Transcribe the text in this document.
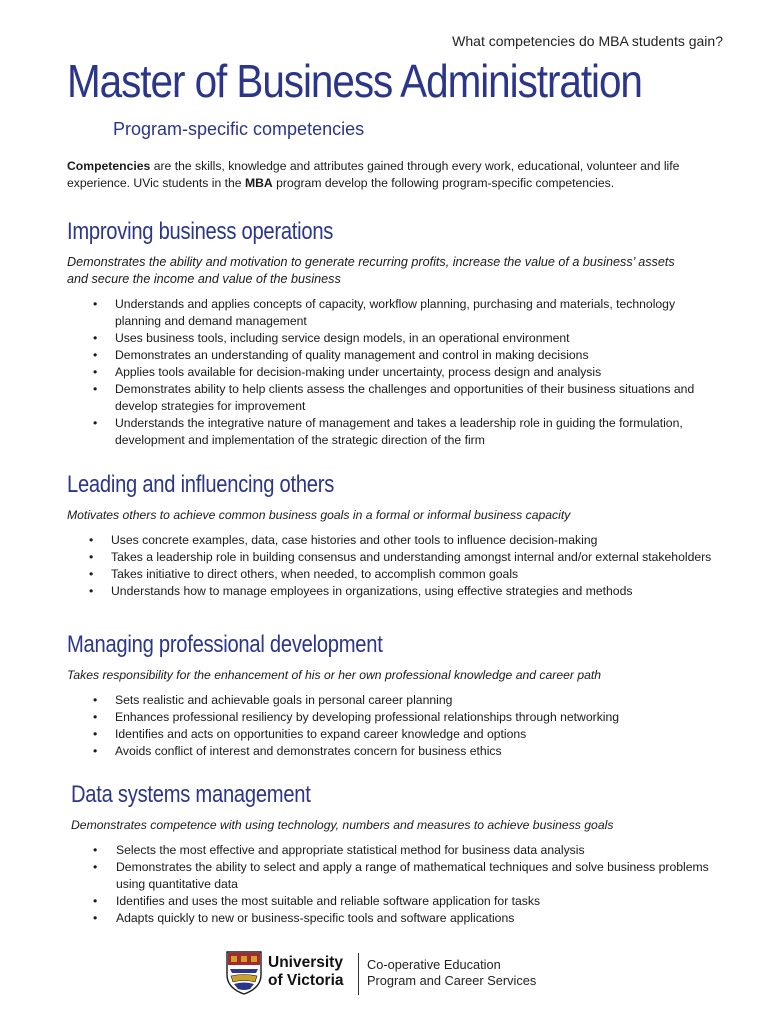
What competencies do MBA students gain?
Master of Business Administration
Program-specific competencies

Competencies are the skills, knowledge and attributes gained through every work, educational, volunteer and life experience. UVic students in the MBA program develop the following program-specific competencies.

Improving business operations

Demonstrates the ability and motivation to generate recurring profits, increase the value of a business’ assets and secure the income and value of the business

• Understands and applies concepts of capacity, workflow planning, purchasing and materials, technology planning and demand management
• Uses business tools, including service design models, in an operational environment
• Demonstrates an understanding of quality management and control in making decisions
• Applies tools available for decision-making under uncertainty, process design and analysis
• Demonstrates ability to help clients assess the challenges and opportunities of their business situations and develop strategies for improvement
• Understands the integrative nature of management and takes a leadership role in guiding the formulation, development and implementation of the strategic direction of the firm
Leading and influencing others

Motivates others to achieve common business goals in a formal or informal business capacity

• Uses concrete examples, data, case histories and other tools to influence decision-making
• Takes a leadership role in building consensus and understanding amongst internal and/or external stakeholders
• Takes initiative to direct others, when needed, to accomplish common goals
• Understands how to manage employees in organizations, using effective strategies and methods
Managing professional development

Takes responsibility for the enhancement of his or her own professional knowledge and career path

• Sets realistic and achievable goals in personal career planning
• Enhances professional resiliency by developing professional relationships through networking
• Identifies and acts on opportunities to expand career knowledge and options
• Avoids conflict of interest and demonstrates concern for business ethics
Data systems management

Demonstrates competence with using technology, numbers and measures to achieve business goals

• Selects the most effective and appropriate statistical method for business data analysis
• Demonstrates the ability to select and apply a range of mathematical techniques and solve business problems using quantitative data
• Identifies and uses the most suitable and reliable software application for tasks
• Adapts quickly to new or business-specific tools and software applications
University
of Victoria
Co-operative Education
Program and Career Services
